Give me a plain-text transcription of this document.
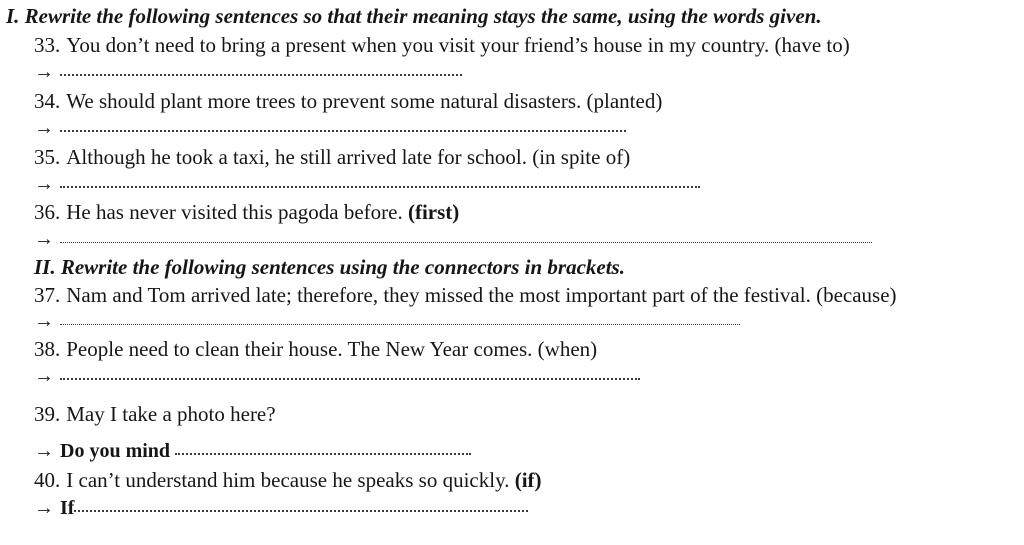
I. Rewrite the following sentences so that their meaning stays the same, using the words given.
33. You don’t need to bring a present when you visit your friend’s house in my country. (have to)
→
34. We should plant more trees to prevent some natural disasters. (planted)
→
35. Although he took a taxi, he still arrived late for school. (in spite of)
→
36. He has never visited this pagoda before. (first)
→
II. Rewrite the following sentences using the connectors in brackets.
37. Nam and Tom arrived late; therefore, they missed the most important part of the festival. (because)
→
38. People need to clean their house. The New Year comes. (when)
→
39. May I take a photo here?
→ Do you mind
40. I can’t understand him because he speaks so quickly. (if)
→ If
